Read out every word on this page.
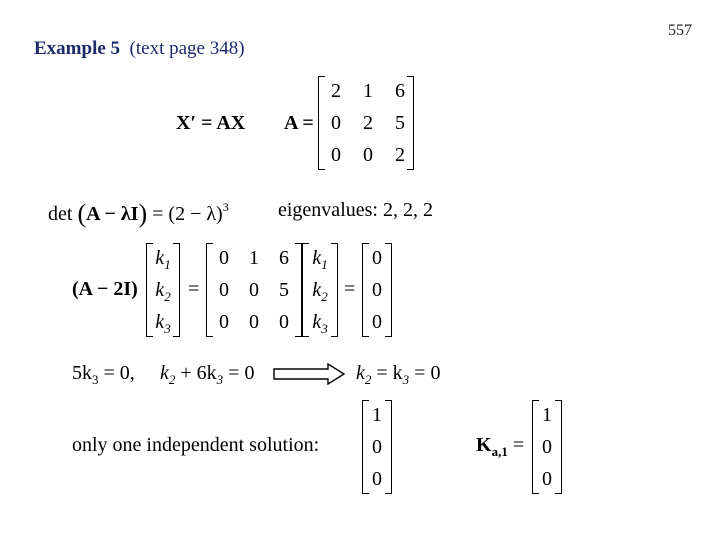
557
Example 5 (text page 348)
X′ = AX A =
2	1	6
0	2	5
0	0	2
$\det (A - \lambda I) = (2 - \lambda)^3$ eigenvalues: 2, 2, 2
(A − 2I)
$k_1$
$k_2$
$k_3$
=
0	1	6
0	0	5
0	0	0
$k_1$
$k_2$
$k_3$
=
0
0
0
$5k_3 = 0$, $k_2 + 6k_3 = 0$	$k_2 = k_3 = 0$
only one independent solution:
1
0
0
$K_{a,1}$ =
1
0
0
